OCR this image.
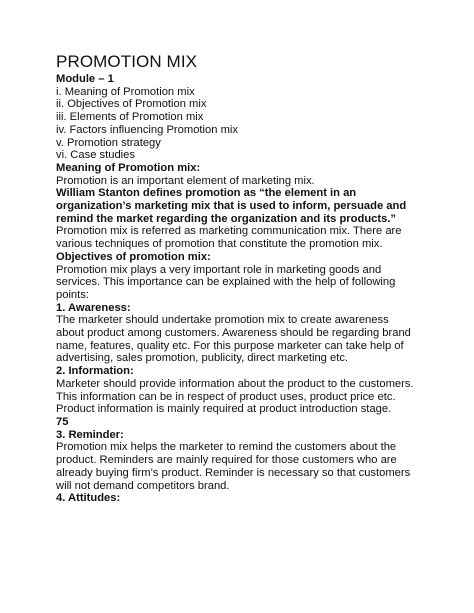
PROMOTION MIX
Module – 1
i. Meaning of Promotion mix
ii. Objectives of Promotion mix
iii. Elements of Promotion mix
iv. Factors influencing Promotion mix
v. Promotion strategy
vi. Case studies
Meaning of Promotion mix:
Promotion is an important element of marketing mix.
William Stanton defines promotion as “the element in an organization’s marketing mix that is used to inform, persuade and remind the market regarding the organization and its products.”
Promotion mix is referred as marketing communication mix. There are various techniques of promotion that constitute the promotion mix.
Objectives of promotion mix:
Promotion mix plays a very important role in marketing goods and services. This importance can be explained with the help of following points:
1. Awareness:
The marketer should undertake promotion mix to create awareness about product among customers. Awareness should be regarding brand name, features, quality etc. For this purpose marketer can take help of advertising, sales promotion, publicity, direct marketing etc.
2. Information:
Marketer should provide information about the product to the customers. This information can be in respect of product uses, product price etc. Product information is mainly required at product introduction stage.
75
3. Reminder:
Promotion mix helps the marketer to remind the customers about the product. Reminders are mainly required for those customers who are already buying firm’s product. Reminder is necessary so that customers will not demand competitors brand.
4. Attitudes:
